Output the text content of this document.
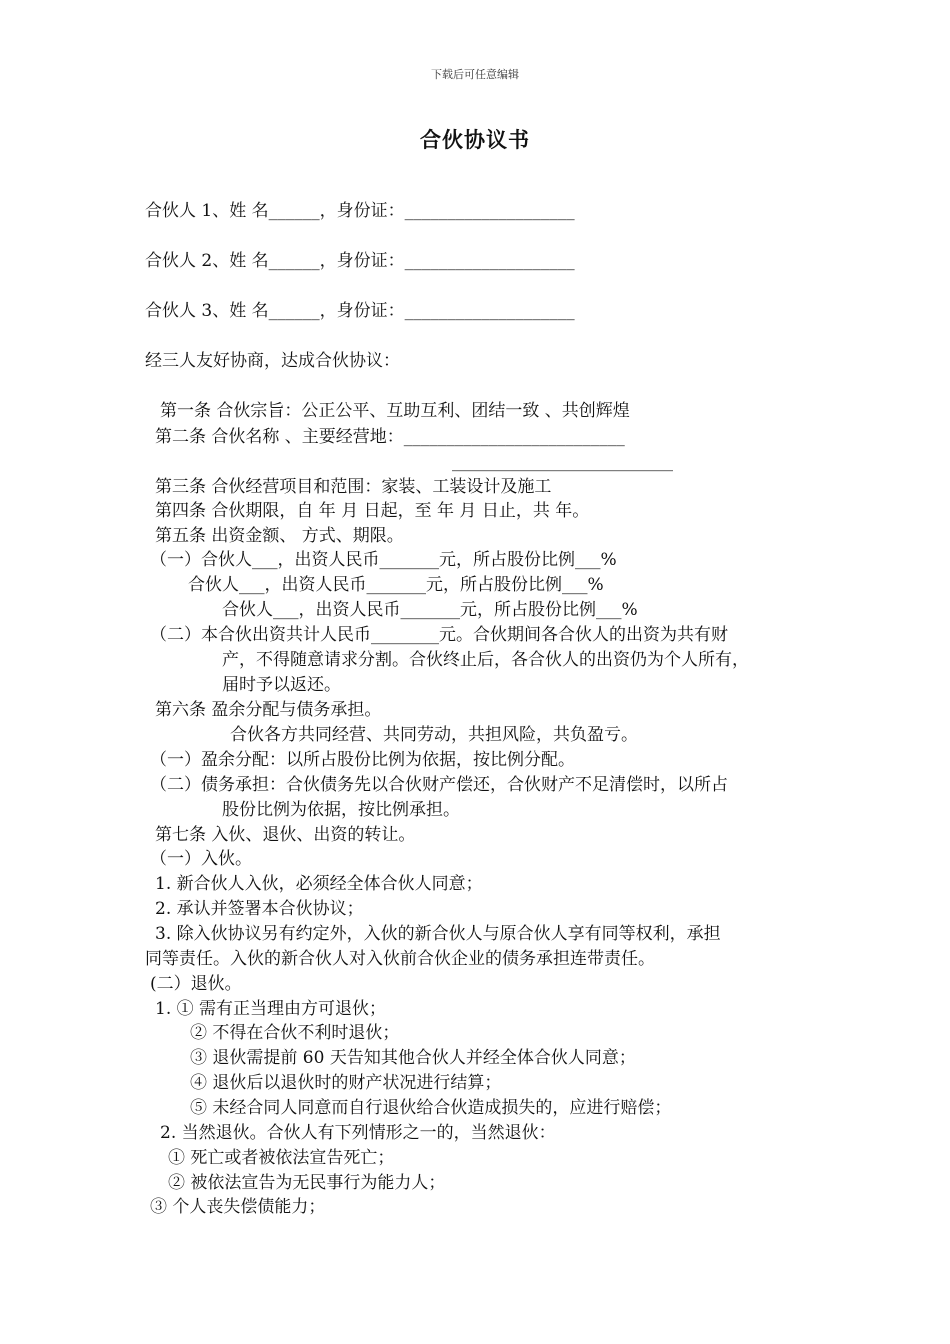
下载后可任意编辑
合伙协议书
合伙人 1、姓 名______，身份证：____________________
合伙人 2、姓 名______，身份证：____________________
合伙人 3、姓 名______，身份证：____________________
经三人友好协商，达成合伙协议：
第一条 合伙宗旨：公正公平、互助互利、团结一致 、共创辉煌
第二条 合伙名称 、主要经营地：__________________________
__________________________
第三条 合伙经营项目和范围：家装、工装设计及施工
第四条 合伙期限，自 年 月 日起，至 年 月 日止，共 年。
第五条 出资金额、 方式、期限。
（一）合伙人___，出资人民币_______元，所占股份比例___%
合伙人___，出资人民币_______元，所占股份比例___%
合伙人___，出资人民币_______元，所占股份比例___%
（二）本合伙出资共计人民币________元。合伙期间各合伙人的出资为共有财
产，不得随意请求分割。合伙终止后，各合伙人的出资仍为个人所有，
届时予以返还。
第六条 盈余分配与债务承担。
合伙各方共同经营、共同劳动，共担风险，共负盈亏。
（一）盈余分配：以所占股份比例为依据，按比例分配。
（二）债务承担：合伙债务先以合伙财产偿还，合伙财产不足清偿时，以所占
股份比例为依据，按比例承担。
第七条 入伙、退伙、出资的转让。
（一）入伙。
1. 新合伙人入伙，必须经全体合伙人同意；
2. 承认并签署本合伙协议；
3. 除入伙协议另有约定外，入伙的新合伙人与原合伙人享有同等权利，承担
同等责任。入伙的新合伙人对入伙前合伙企业的债务承担连带责任。
(二）退伙。
1. ① 需有正当理由方可退伙；
② 不得在合伙不利时退伙；
③ 退伙需提前 60 天告知其他合伙人并经全体合伙人同意；
④ 退伙后以退伙时的财产状况进行结算；
⑤ 未经合同人同意而自行退伙给合伙造成损失的，应进行赔偿；
2. 当然退伙。合伙人有下列情形之一的，当然退伙：
① 死亡或者被依法宣告死亡；
② 被依法宣告为无民事行为能力人；
③ 个人丧失偿债能力；
